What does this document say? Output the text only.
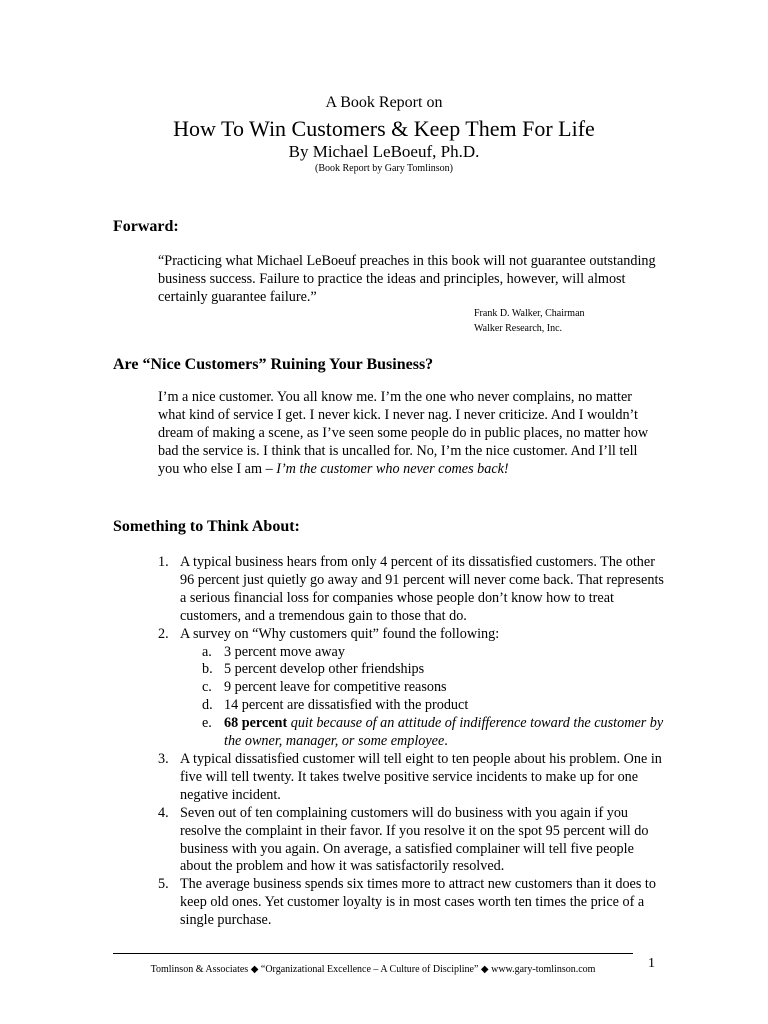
A Book Report on
How To Win Customers & Keep Them For Life
By Michael LeBoeuf, Ph.D.
(Book Report by Gary Tomlinson)
Forward:
“Practicing what Michael LeBoeuf preaches in this book will not guarantee outstanding business success. Failure to practice the ideas and principles, however, will almost certainly guarantee failure.”
Frank D. Walker, Chairman
Walker Research, Inc.
Are “Nice Customers” Ruining Your Business?
I’m a nice customer. You all know me. I’m the one who never complains, no matter what kind of service I get. I never kick. I never nag. I never criticize. And I wouldn’t dream of making a scene, as I’ve seen some people do in public places, no matter how bad the service is. I think that is uncalled for. No, I’m the nice customer. And I’ll tell you who else I am – I’m the customer who never comes back!
Something to Think About:
1. A typical business hears from only 4 percent of its dissatisfied customers. The other 96 percent just quietly go away and 91 percent will never come back. That represents a serious financial loss for companies whose people don’t know how to treat customers, and a tremendous gain to those that do.
2. A survey on “Why customers quit” found the following:
a. 3 percent move away
b. 5 percent develop other friendships
c. 9 percent leave for competitive reasons
d. 14 percent are dissatisfied with the product
e. 68 percent quit because of an attitude of indifference toward the customer by the owner, manager, or some employee.
3. A typical dissatisfied customer will tell eight to ten people about his problem. One in five will tell twenty. It takes twelve positive service incidents to make up for one negative incident.
4. Seven out of ten complaining customers will do business with you again if you resolve the complaint in their favor. If you resolve it on the spot 95 percent will do business with you again. On average, a satisfied complainer will tell five people about the problem and how it was satisfactorily resolved.
5. The average business spends six times more to attract new customers than it does to keep old ones. Yet customer loyalty is in most cases worth ten times the price of a single purchase.
Tomlinson & Associates ◆ “Organizational Excellence – A Culture of Discipline” ◆ www.gary-tomlinson.com	1
